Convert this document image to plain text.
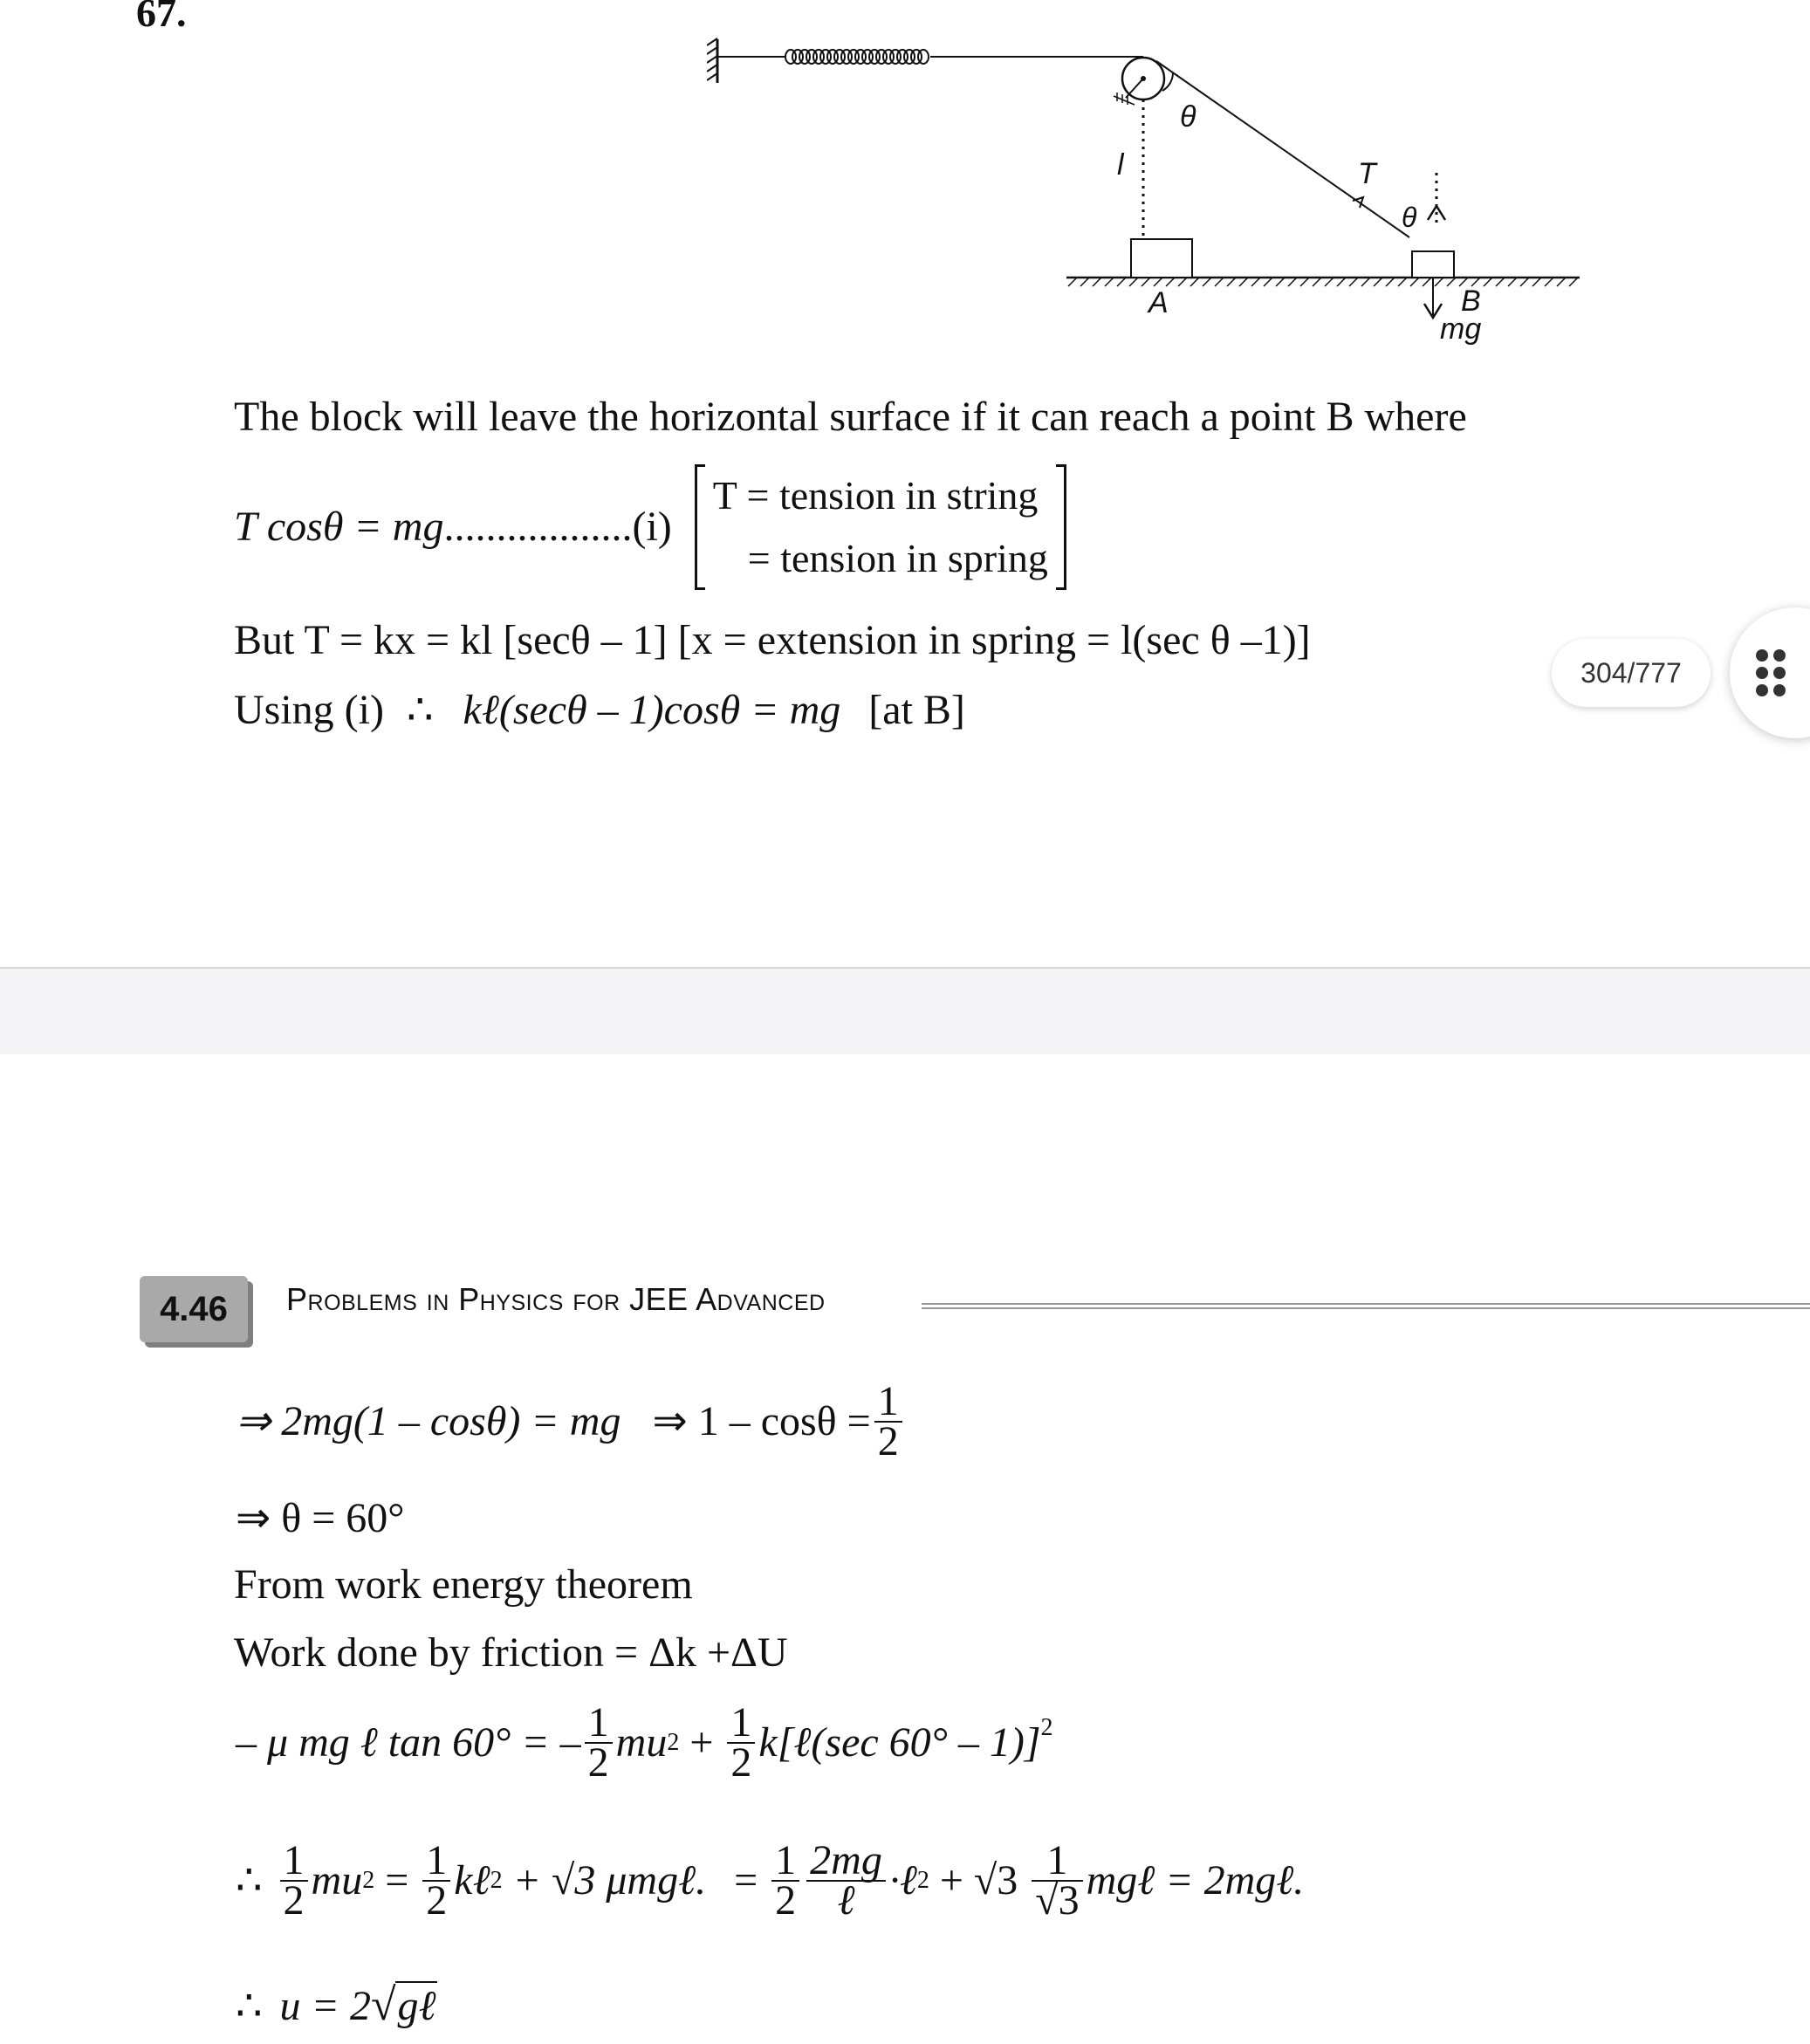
67.
θ
l	T
θ
A	B
mg
The block will leave the horizontal surface if it can reach a point B where
T cosθ = mg .................. (i)
T = tension in string
= tension in spring
But T = kx = kl [secθ – 1] [x = extension in spring = l(sec θ –1)]
Using (i) ∴ kℓ(secθ – 1)cosθ = mg [at B]
304/777
4.46	Problems in Physics for JEE Advanced
⇒ 2mg(1 – cosθ) = mg ⇒ $1 - \cos\theta = \frac{1}{2}$
⇒ θ = 60°
From work energy theorem
Work done by friction = Δk +ΔU
– μ mg ℓ tan 60° = – $\frac{1}{2}$ mu $2 + \frac{1}{2}$ k[ℓ(sec 60° – 1)]$^2$
∴ $\frac{1}{2}$ mu $2 = \frac{1}{2}$ kℓ 2 + √3 μmgℓ. = $\frac{1}{2} \frac{2mg}{\text{ℓ}}$ ·ℓ $2 + √3 \frac{1}{√3}$ mgℓ = 2mgℓ.
∴ u = 2√gℓ
